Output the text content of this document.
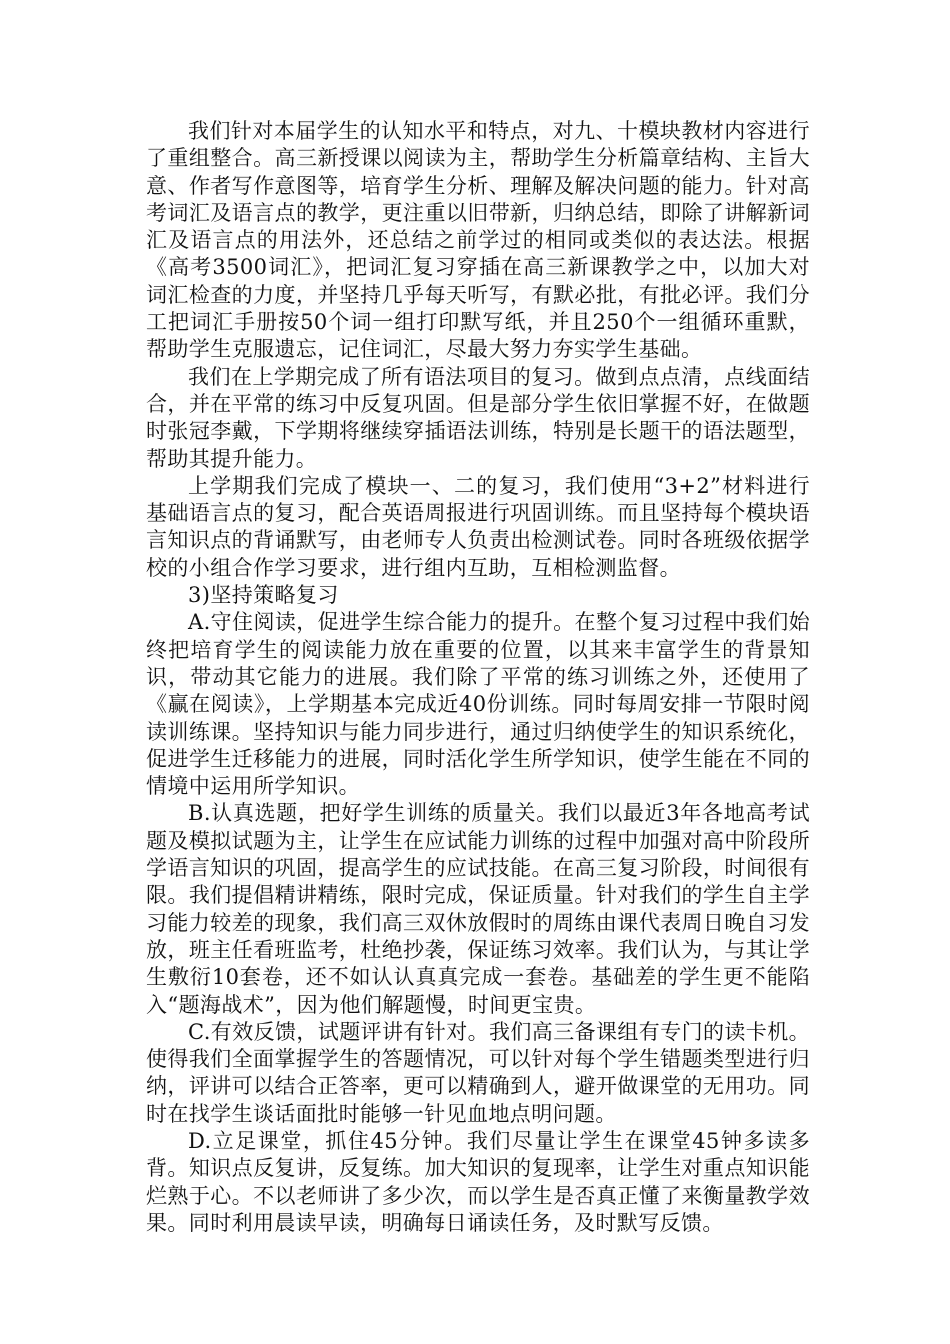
我们针对本届学生的认知水平和特点，对九、十模块教材内容进行了重组整合。高三新授课以阅读为主，帮助学生分析篇章结构、主旨大意、作者写作意图等，培育学生分析、理解及解决问题的能力。针对高考词汇及语言点的教学，更注重以旧带新，归纳总结，即除了讲解新词汇及语言点的用法外，还总结之前学过的相同或类似的表达法。根据《高考3500词汇》，把词汇复习穿插在高三新课教学之中，以加大对词汇检查的力度，并坚持几乎每天听写，有默必批，有批必评。我们分工把词汇手册按50个词一组打印默写纸，并且250个一组循环重默，帮助学生克服遗忘，记住词汇，尽最大努力夯实学生基础。

我们在上学期完成了所有语法项目的复习。做到点点清，点线面结合，并在平常的练习中反复巩固。但是部分学生依旧掌握不好，在做题时张冠李戴，下学期将继续穿插语法训练，特别是长题干的语法题型，帮助其提升能力。

上学期我们完成了模块一、二的复习，我们使用“3+2”材料进行基础语言点的复习，配合英语周报进行巩固训练。而且坚持每个模块语言知识点的背诵默写，由老师专人负责出检测试卷。同时各班级依据学校的小组合作学习要求，进行组内互助，互相检测监督。

3)坚持策略复习

A.守住阅读，促进学生综合能力的提升。在整个复习过程中我们始终把培育学生的阅读能力放在重要的位置，以其来丰富学生的背景知识，带动其它能力的进展。我们除了平常的练习训练之外，还使用了《赢在阅读》，上学期基本完成近40份训练。同时每周安排一节限时阅读训练课。坚持知识与能力同步进行，通过归纳使学生的知识系统化，促进学生迁移能力的进展，同时活化学生所学知识，使学生能在不同的情境中运用所学知识。

B.认真选题，把好学生训练的质量关。我们以最近3年各地高考试题及模拟试题为主，让学生在应试能力训练的过程中加强对高中阶段所学语言知识的巩固，提高学生的应试技能。在高三复习阶段，时间很有限。我们提倡精讲精练，限时完成，保证质量。针对我们的学生自主学习能力较差的现象，我们高三双休放假时的周练由课代表周日晚自习发放，班主任看班监考，杜绝抄袭，保证练习效率。我们认为，与其让学生敷衍10套卷，还不如认认真真完成一套卷。基础差的学生更不能陷入“题海战术”，因为他们解题慢，时间更宝贵。

C.有效反馈，试题评讲有针对。我们高三备课组有专门的读卡机。使得我们全面掌握学生的答题情况，可以针对每个学生错题类型进行归纳，评讲可以结合正答率，更可以精确到人，避开做课堂的无用功。同时在找学生谈话面批时能够一针见血地点明问题。

D.立足课堂，抓住45分钟。我们尽量让学生在课堂45钟多读多背。知识点反复讲，反复练。加大知识的复现率，让学生对重点知识能烂熟于心。不以老师讲了多少次，而以学生是否真正懂了来衡量教学效果。同时利用晨读早读，明确每日诵读任务，及时默写反馈。
